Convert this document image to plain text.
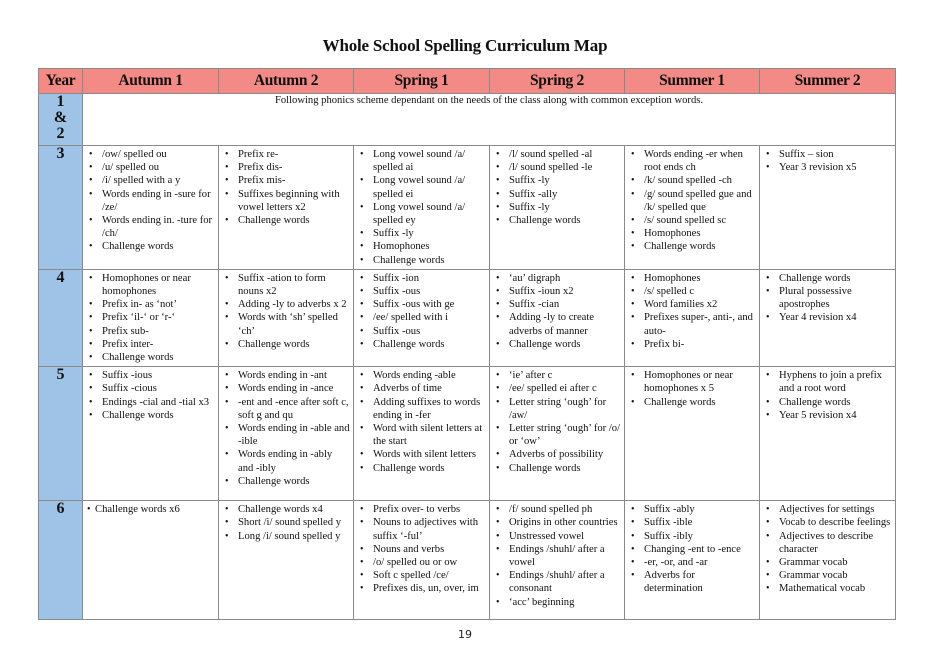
Whole School Spelling Curriculum Map
Year	Autumn 1	Autumn 2	Spring 1	Spring 2	Summer 1	Summer 2

1
&
2	Following phonics scheme dependant on the needs of the class along with common exception words.					
3	
•/ow/ spelled ou
• /u/ spelled ou
• /i/ spelled with a y
• Words ending in -sure for /ze/
• Words ending in. -ture for /ch/
• Challenge words

• Prefix re-
• Prefix dis-
• Prefix mis-
• Suffixes beginning with vowel letters x2
• Challenge words

• Long vowel sound /a/ spelled ai
• Long vowel sound /a/ spelled ei
• Long vowel sound /a/ spelled ey
• Suffix -ly
• Homophones
• Challenge words

• /l/ sound spelled -al
• /l/ sound spelled -le
• Suffix -ly
• Suffix -ally
• Suffix -ly
• Challenge words

• Words ending -er when root ends ch
• /k/ sound spelled -ch
• /g/ sound spelled gue and /k/ spelled que
• /s/ sound spelled sc
• Homophones
• Challenge words

• Suffix – sion
• Year 3 revision x5

4	
•Homophones or near homophones
• Prefix in- as ‘not’
• Prefix ‘il-‘ or ‘r-‘
• Prefix sub-
• Prefix inter-
• Challenge words

• Suffix -ation to form nouns x2
• Adding -ly to adverbs x 2
• Words with ‘sh’ spelled ‘ch’
• Challenge words

• Suffix -ion
• Suffix -ous
• Suffix -ous with ge
• /ee/ spelled with i
• Suffix -ous
• Challenge words

• ‘au’ digraph
• Suffix -ioun x2
• Suffix -cian
• Adding -ly to create adverbs of manner
• Challenge words

• Homophones
• /s/ spelled c
• Word families x2
• Prefixes super-, anti-, and auto-
• Prefix bi-

• Challenge words
• Plural possessive apostrophes
• Year 4 revision x4

5	
•Suffix -ious
• Suffix -cious
• Endings -cial and -tial x3
• Challenge words

• Words ending in -ant
• Words ending in -ance
• -ent and -ence after soft c, soft g and qu
• Words ending in -able and -ible
• Words ending in -ably and -ibly
• Challenge words

• Words ending -able
• Adverbs of time
• Adding suffixes to words ending in -fer
• Word with silent letters at the start
• Words with silent letters
• Challenge words

• ‘ie’ after c
• /ee/ spelled ei after c
• Letter string ‘ough’ for /aw/
• Letter string ‘ough’ for /o/ or ‘ow’
• Adverbs of possibility
• Challenge words

• Homophones or near homophones x 5
• Challenge words

• Hyphens to join a prefix and a root word
• Challenge words
• Year 5 revision x4

6	
•Challenge words x6

•Challenge words x4
• Short /i/ sound spelled y
• Long /i/ sound spelled y

• Prefix over- to verbs
• Nouns to adjectives with suffix ‘-ful’
• Nouns and verbs
• /o/ spelled ou or ow
• Soft c spelled /ce/
• Prefixes dis, un, over, im

• /f/ sound spelled ph
• Origins in other countries
• Unstressed vowel
• Endings /shuhl/ after a vowel
• Endings /shuhl/ after a consonant
• ‘acc’ beginning

• Suffix -ably
• Suffix -ible
• Suffix -ibly
• Changing -ent to -ence
• -er, -or, and -ar
• Adverbs for determination

• Adjectives for settings
• Vocab to describe feelings
• Adjectives to describe character
• Grammar vocab
• Grammar vocab
• Mathematical vocab
19
